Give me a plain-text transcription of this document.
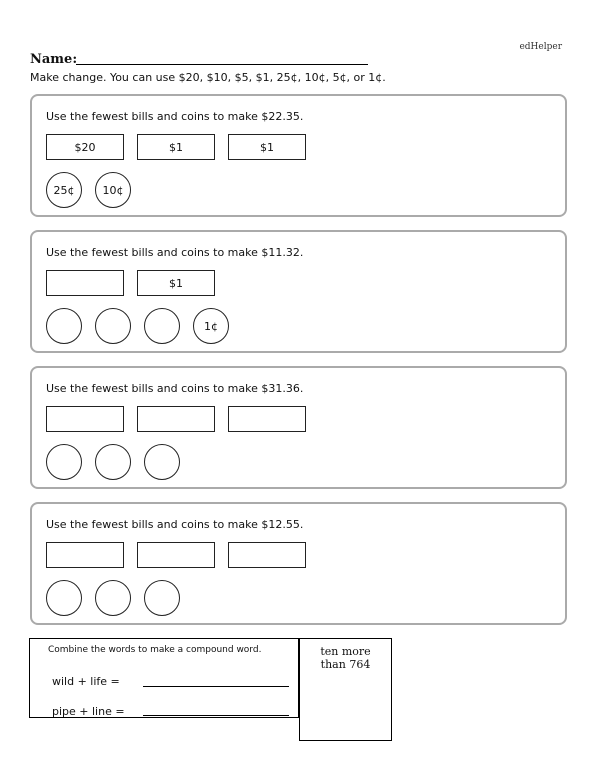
edHelper
Name:
Make change. You can use $20, $10, $5, $1, 25¢, 10¢, 5¢, or 1¢.
Use the fewest bills and coins to make $22.35.
$20	$1	$1
25¢	10¢
Use the fewest bills and coins to make $11.32.
$1
1¢
Use the fewest bills and coins to make $31.36.
Use the fewest bills and coins to make $12.55.
Combine the words to make a compound word.
wild + life =
pipe + line =
ten more
than 764
